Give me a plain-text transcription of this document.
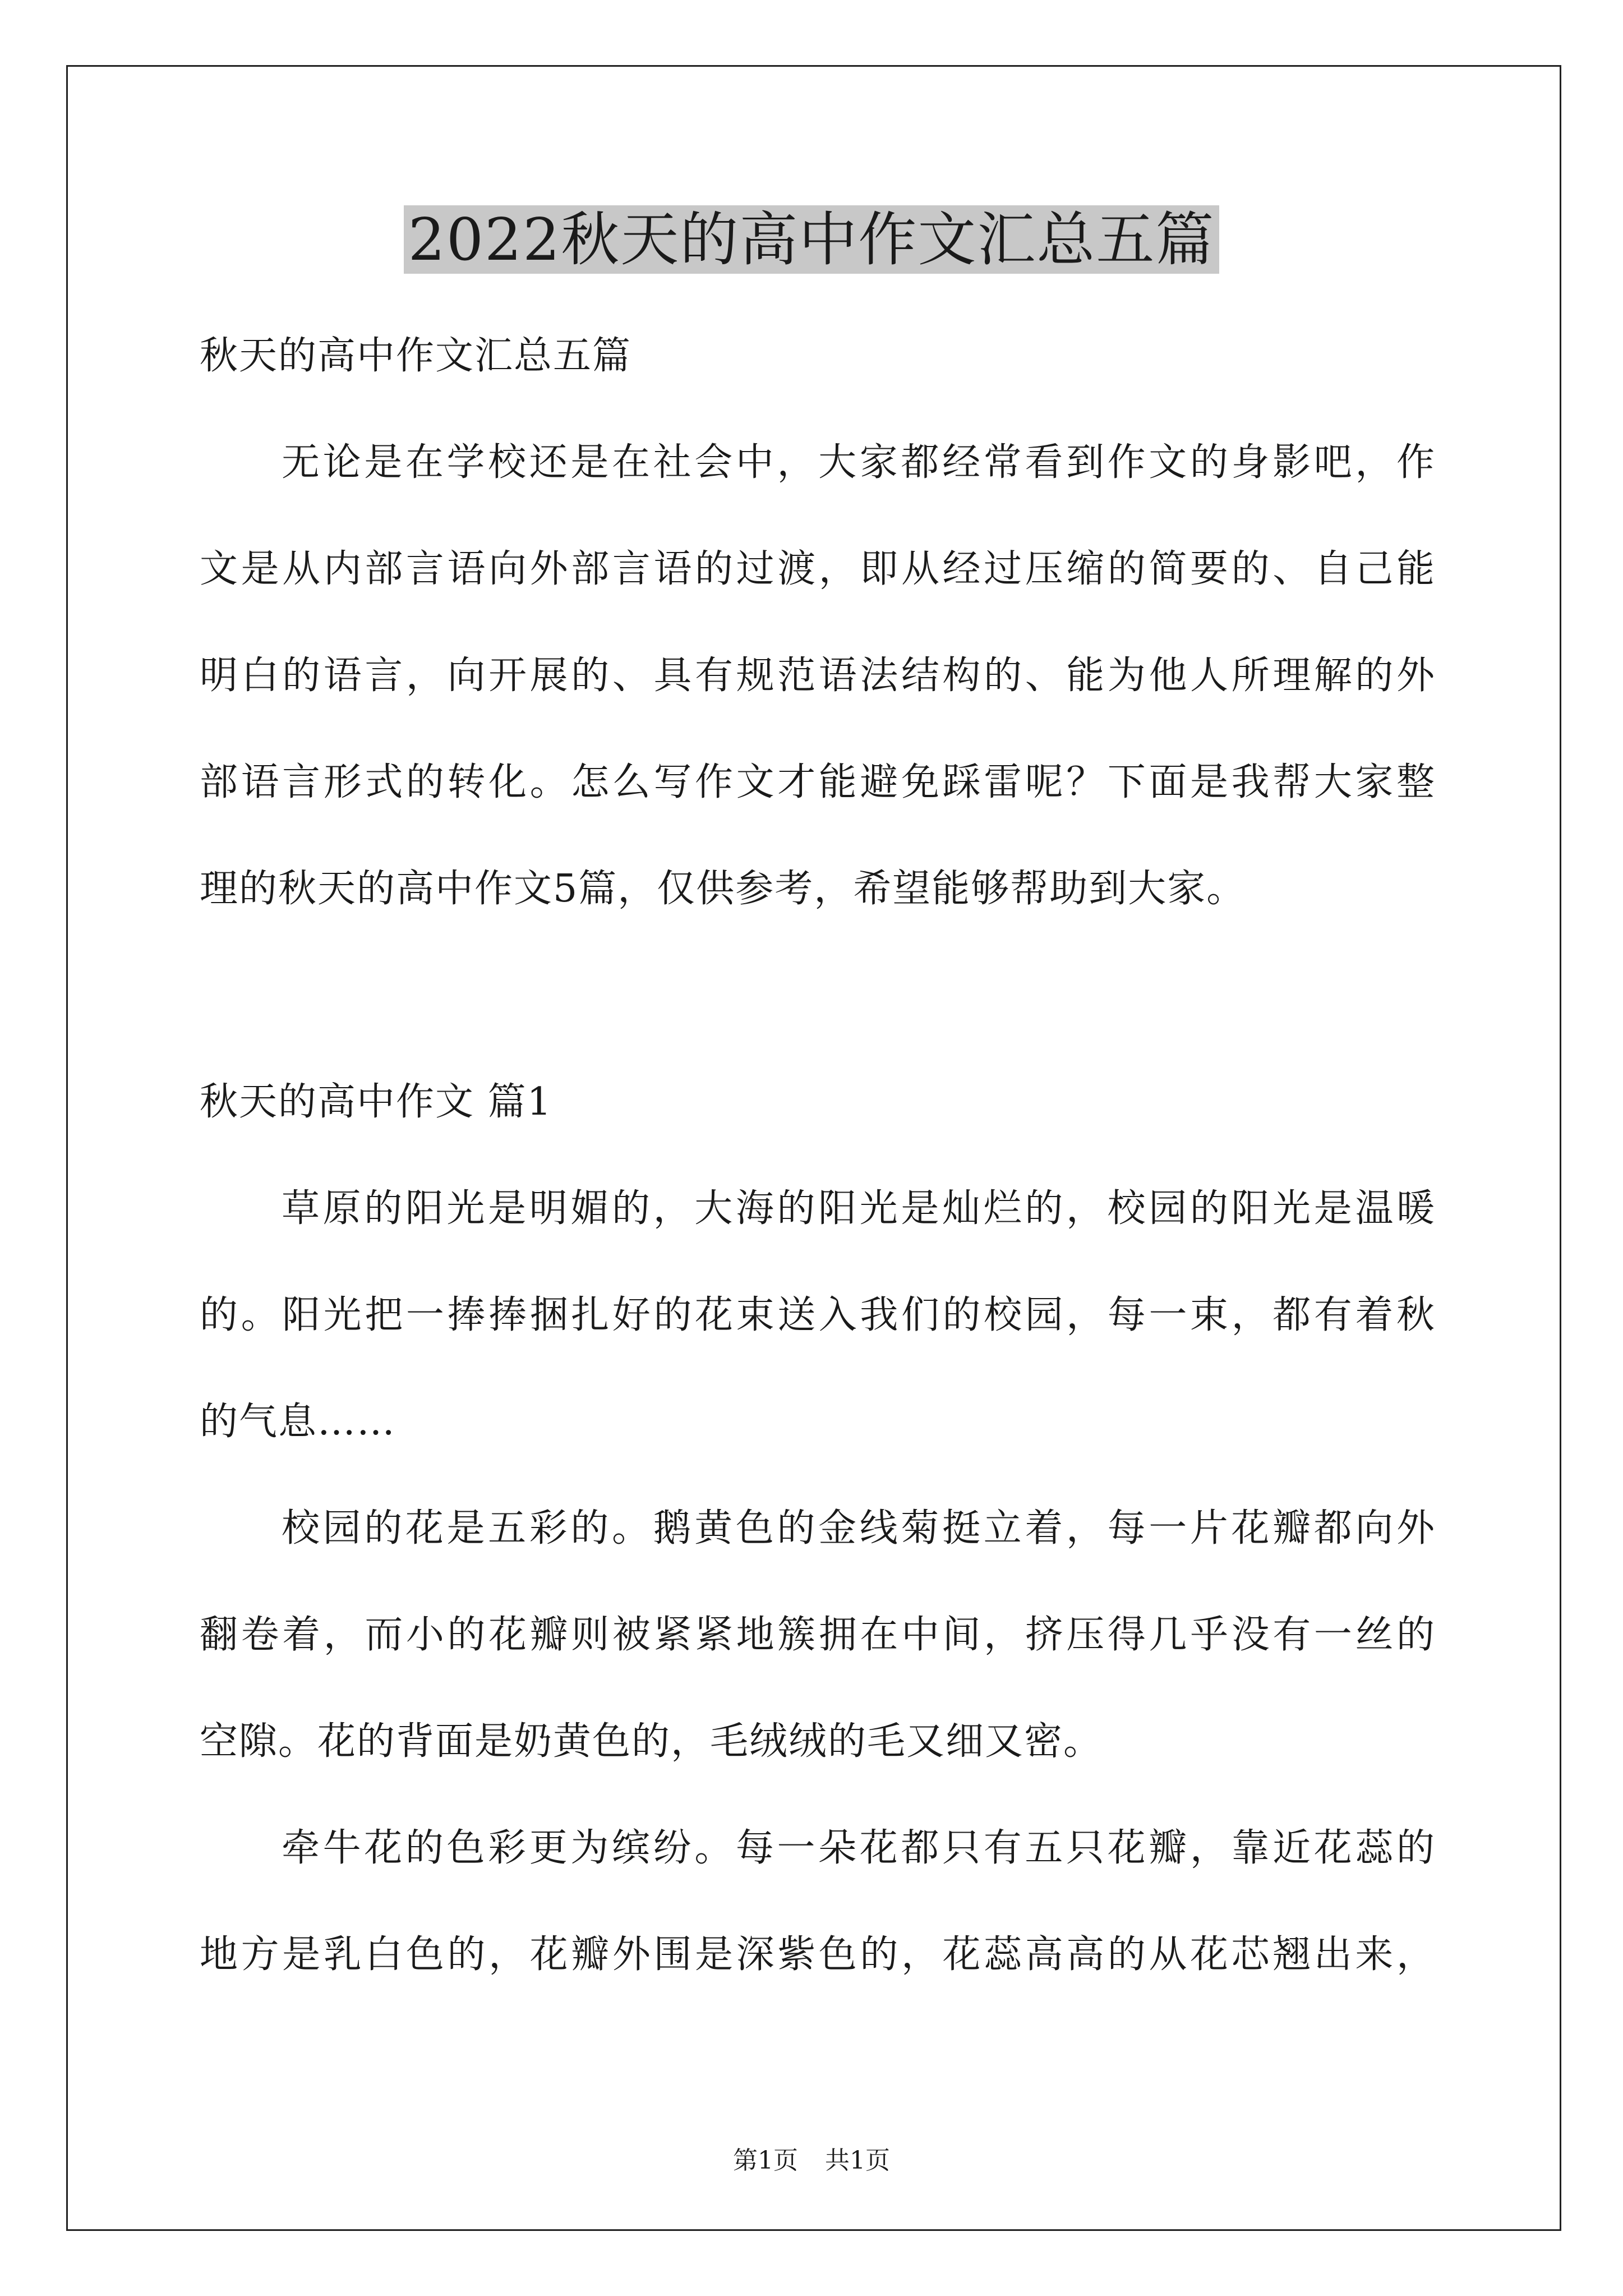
2022秋天的高中作文汇总五篇
秋天的高中作文汇总五篇
无论是在学校还是在社会中，大家都经常看到作文的身影吧，作
文是从内部言语向外部言语的过渡，即从经过压缩的简要的、自己能
明白的语言，向开展的、具有规范语法结构的、能为他人所理解的外
部语言形式的转化。怎么写作文才能避免踩雷呢？下面是我帮大家整
理的秋天的高中作文5篇，仅供参考，希望能够帮助到大家。
秋天的高中作文 篇1
草原的阳光是明媚的，大海的阳光是灿烂的，校园的阳光是温暖
的。阳光把一捧捧捆扎好的花束送入我们的校园，每一束，都有着秋
的气息……
校园的花是五彩的。鹅黄色的金线菊挺立着，每一片花瓣都向外
翻卷着，而小的花瓣则被紧紧地簇拥在中间，挤压得几乎没有一丝的
空隙。花的背面是奶黄色的，毛绒绒的毛又细又密。
牵牛花的色彩更为缤纷。每一朵花都只有五只花瓣，靠近花蕊的
地方是乳白色的，花瓣外围是深紫色的，花蕊高高的从花芯翘出来，
第1页 共1页
